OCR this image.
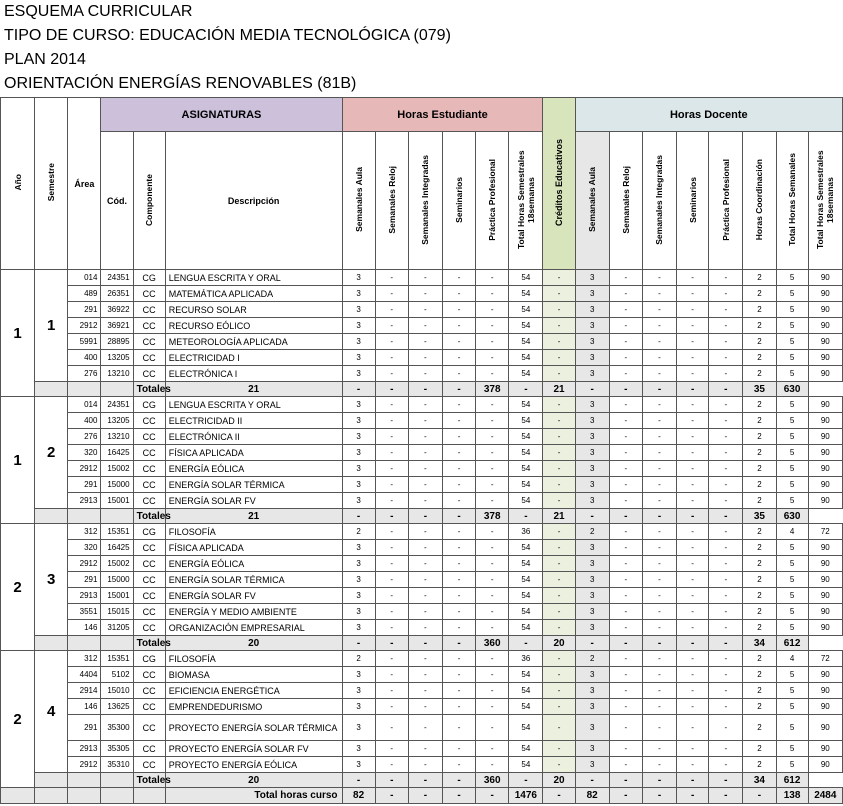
ESQUEMA CURRICULAR
TIPO DE CURSO: EDUCACIÓN MEDIA TECNOLÓGICA (079)
PLAN 2014
ORIENTACIÓN ENERGÍAS RENOVABLES (81B)
Año	Semestre	Área	ASIGNATURAS			Horas Estudiante						Créditos Educativos	Horas Docente							
			Cód.	Componente	Descripción	Semanales Aula	Semanales Reloj	Semanales Integradas	Seminarios	Práctica Profesional	Total Horas Semestrales 18semanas		Semanales Aula	Semanales Reloj	Semanales Integradas	Seminarios	Práctica Profesional	Horas Coordinación	Total Horas Semanales	Total Horas Semestrales 18semanas
1	1	014	24351	CG	LENGUA ESCRITA Y ORAL	3	-	-	-	-	54	-	3	-	-	-	-	2	5	90
		489	26351	CC	MATEMÁTICA APLICADA	3	-	-	-	-	54	-	3	-	-	-	-	2	5	90
		291	36922	CC	RECURSO SOLAR	3	-	-	-	-	54	-	3	-	-	-	-	2	5	90
		2912	36921	CC	RECURSO EÓLICO	3	-	-	-	-	54	-	3	-	-	-	-	2	5	90
		5991	28895	CC	METEOROLOGÍA APLICADA	3	-	-	-	-	54	-	3	-	-	-	-	2	5	90
		400	13205	CC	ELECTRICIDAD I	3	-	-	-	-	54	-	3	-	-	-	-	2	5	90
		276	13210	CC	ELECTRÓNICA I	3	-	-	-	-	54	-	3	-	-	-	-	2	5	90
				Totales	21	-	-	-	-	378	-	21	-	-	-	-	-	35	630	
1	2	014	24351	CG	LENGUA ESCRITA Y ORAL	3	-	-	-	-	54	-	3	-	-	-	-	2	5	90
		400	13205	CC	ELECTRICIDAD II	3	-	-	-	-	54	-	3	-	-	-	-	2	5	90
		276	13210	CC	ELECTRÓNICA II	3	-	-	-	-	54	-	3	-	-	-	-	2	5	90
		320	16425	CC	FÍSICA APLICADA	3	-	-	-	-	54	-	3	-	-	-	-	2	5	90
		2912	15002	CC	ENERGÍA EÓLICA	3	-	-	-	-	54	-	3	-	-	-	-	2	5	90
		291	15000	CC	ENERGÍA SOLAR TÉRMICA	3	-	-	-	-	54	-	3	-	-	-	-	2	5	90
		2913	15001	CC	ENERGÍA SOLAR FV	3	-	-	-	-	54	-	3	-	-	-	-	2	5	90
				Totales	21	-	-	-	-	378	-	21	-	-	-	-	-	35	630	
2	3	312	15351	CG	FILOSOFÍA	2	-	-	-	-	36	-	2	-	-	-	-	2	4	72
		320	16425	CC	FÍSICA APLICADA	3	-	-	-	-	54	-	3	-	-	-	-	2	5	90
		2912	15002	CC	ENERGÍA EÓLICA	3	-	-	-	-	54	-	3	-	-	-	-	2	5	90
		291	15000	CC	ENERGÍA SOLAR TÉRMICA	3	-	-	-	-	54	-	3	-	-	-	-	2	5	90
		2913	15001	CC	ENERGÍA SOLAR FV	3	-	-	-	-	54	-	3	-	-	-	-	2	5	90
		3551	15015	CC	ENERGÍA Y MEDIO AMBIENTE	3	-	-	-	-	54	-	3	-	-	-	-	2	5	90
		146	31205	CC	ORGANIZACIÓN EMPRESARIAL	3	-	-	-	-	54	-	3	-	-	-	-	2	5	90
				Totales	20	-	-	-	-	360	-	20	-	-	-	-	-	34	612	
2	4	312	15351	CG	FILOSOFÍA	2	-	-	-	-	36	-	2	-	-	-	-	2	4	72
		4404	5102	CC	BIOMASA	3	-	-	-	-	54	-	3	-	-	-	-	2	5	90
		2914	15010	CC	EFICIENCIA ENERGÉTICA	3	-	-	-	-	54	-	3	-	-	-	-	2	5	90
		146	13625	CC	EMPRENDEDURISMO	3	-	-	-	-	54	-	3	-	-	-	-	2	5	90
		291	35300	CC	PROYECTO ENERGÍA SOLAR TÉRMICA	3	-	-	-	-	54	-	3	-	-	-	-	2	5	90
		2913	35305	CC	PROYECTO ENERGÍA SOLAR FV	3	-	-	-	-	54	-	3	-	-	-	-	2	5	90
		2912	35310	CC	PROYECTO ENERGÍA EÓLICA	3	-	-	-	-	54	-	3	-	-	-	-	2	5	90
				Totales	20	-	-	-	-	360	-	20	-	-	-	-	-	34	612	
					Total horas curso	82	-	-	-	-	1476	-	82	-	-	-	-	-	138	2484
